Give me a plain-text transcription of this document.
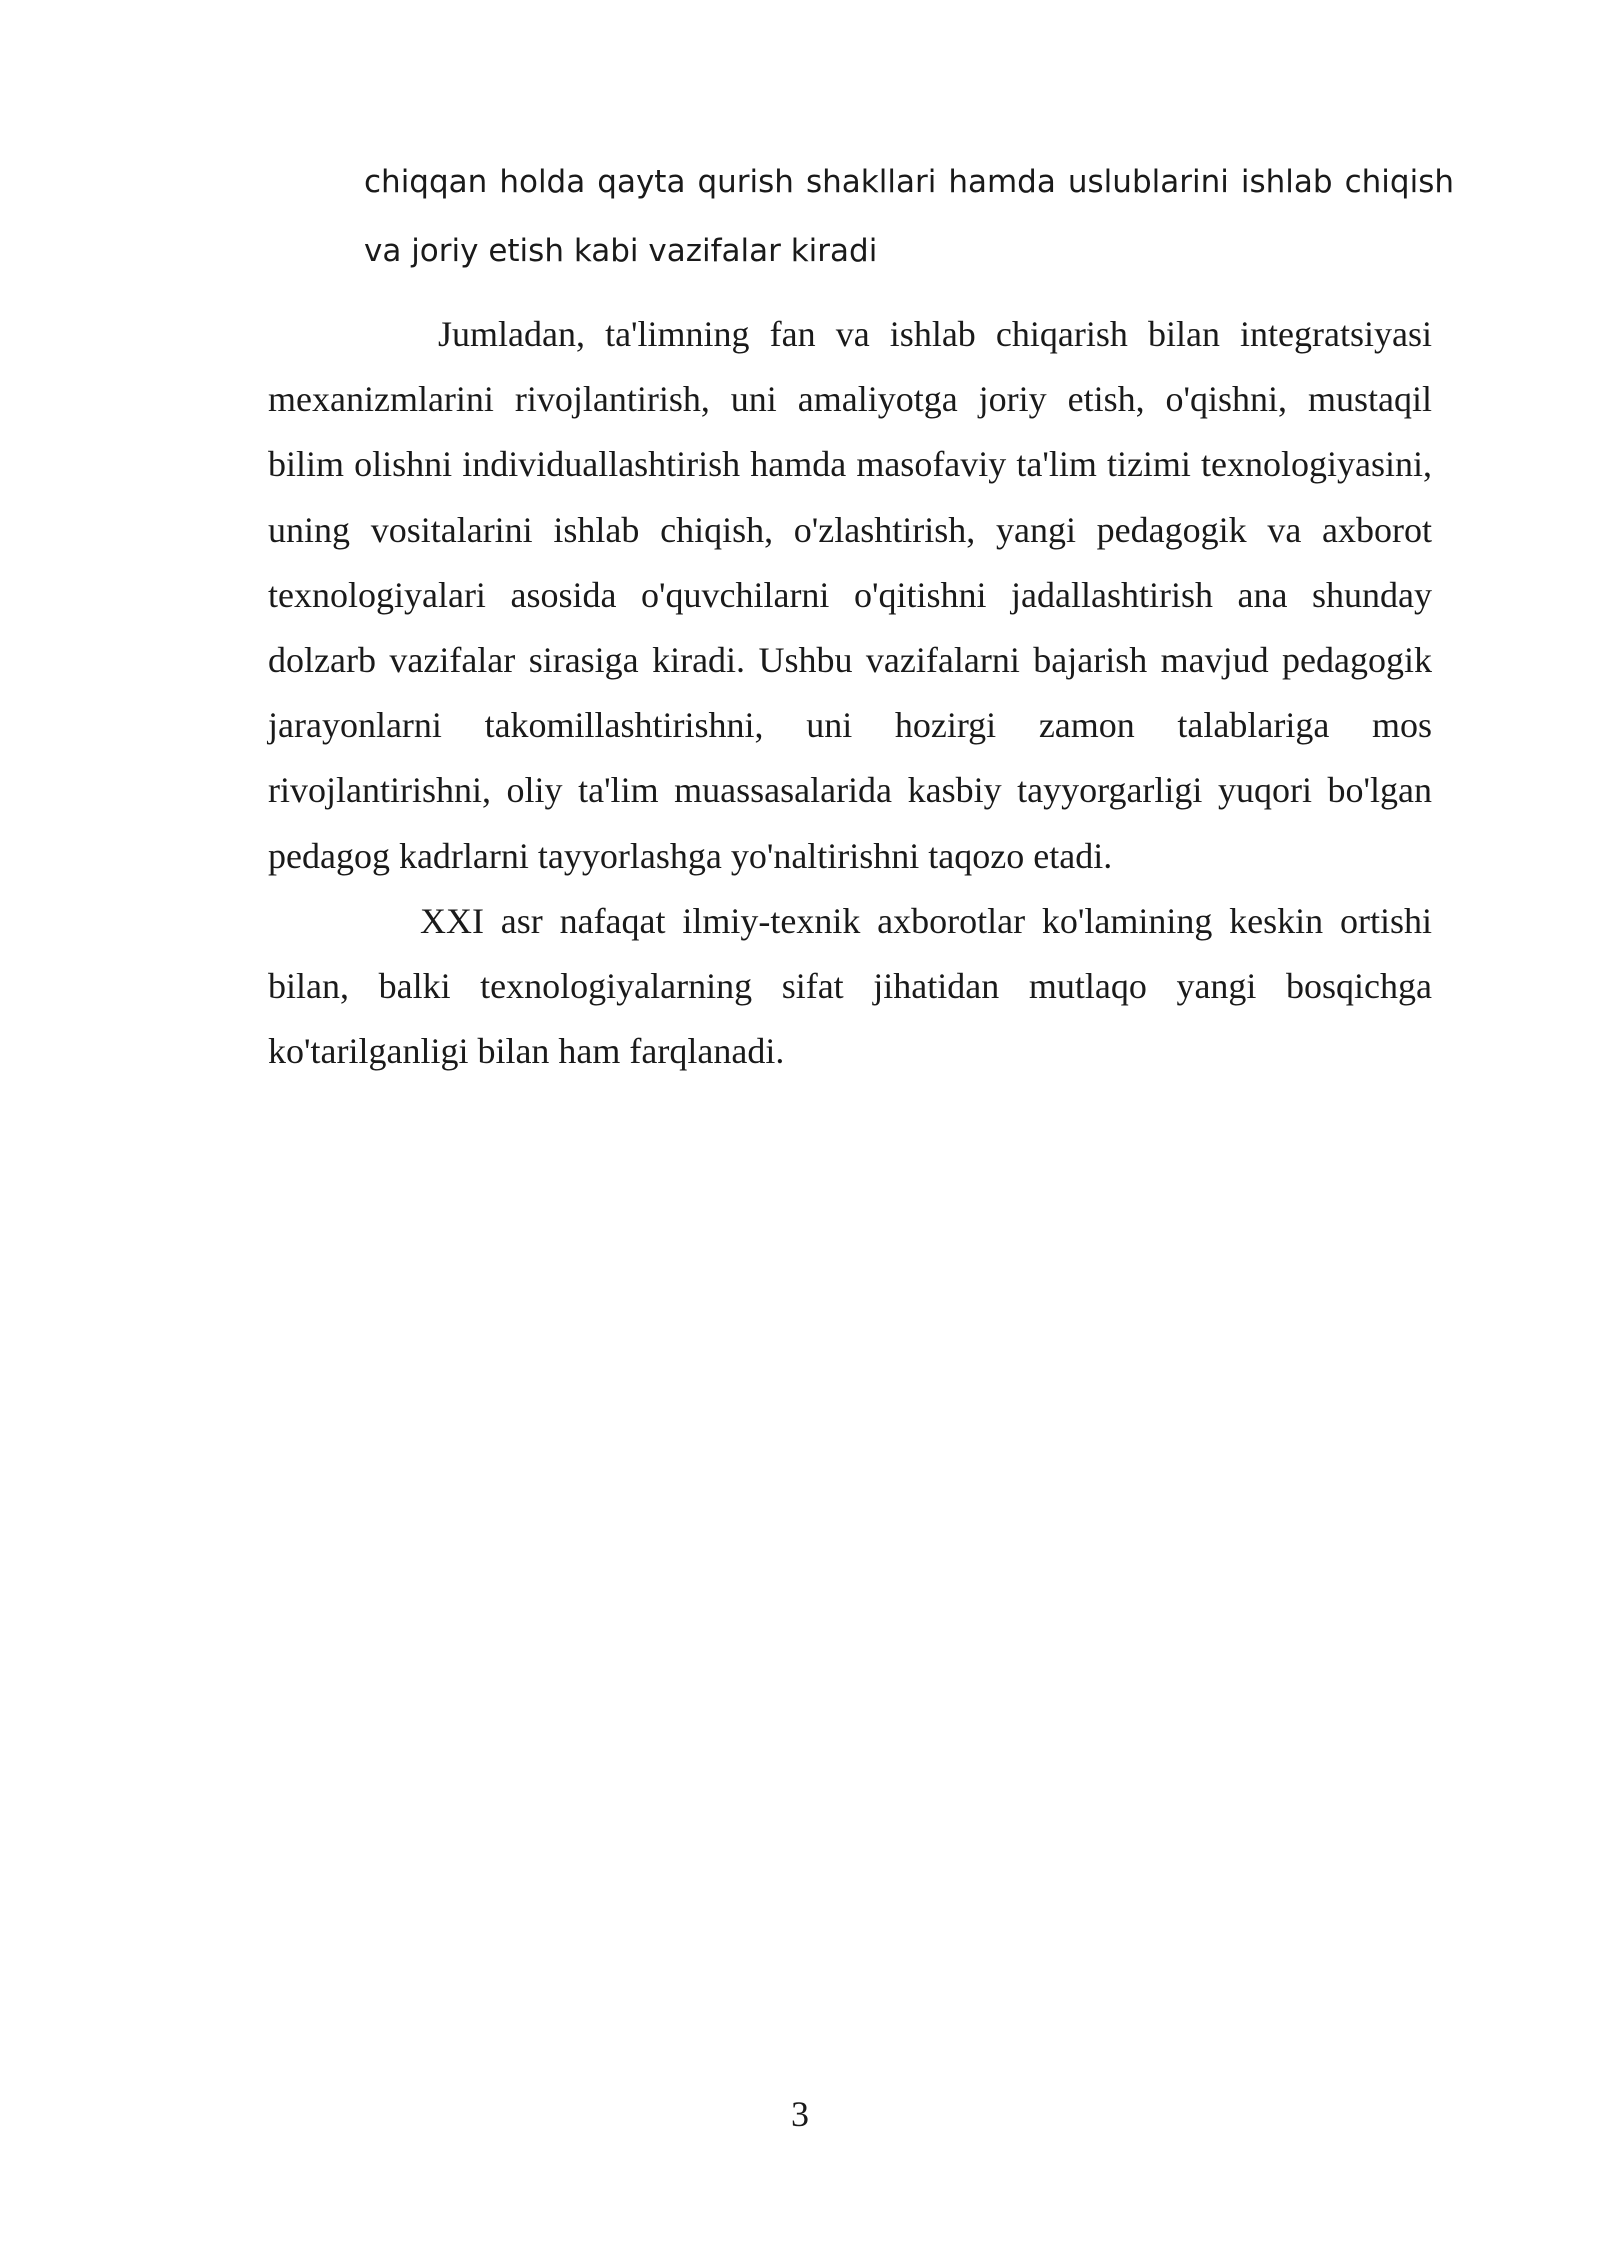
chiqqan holda qayta qurish shakllari hamda uslublarini ishlab chiqish va joriy etish kabi vazifalar kiradi

Jumladan, ta'limning fan va ishlab chiqarish bilan integratsiyasi mexanizmlarini rivojlantirish, uni amaliyotga joriy etish, o'qishni, mustaqil bilim olishni individuallashtirish hamda masofaviy ta'lim tizimi texnologiyasini, uning vositalarini ishlab chiqish, o'zlashtirish, yangi pedagogik va axborot texnologiyalari asosida o'quvchilarni o'qitishni jadallashtirish ana shunday dolzarb vazifalar sirasiga kiradi. Ushbu vazifalarni bajarish mavjud pedagogik jarayonlarni takomillashtirishni, uni hozirgi zamon talablariga mos rivojlantirishni, oliy ta'lim muassasalarida kasbiy tayyorgarligi yuqori bo'lgan pedagog kadrlarni tayyorlashga yo'naltirishni taqozo etadi.

XXI asr nafaqat ilmiy-texnik axborotlar ko'lamining keskin ortishi bilan, balki texnologiyalarning sifat jihatidan mutlaqo yangi bosqichga ko'tarilganligi bilan ham farqlanadi.

3
